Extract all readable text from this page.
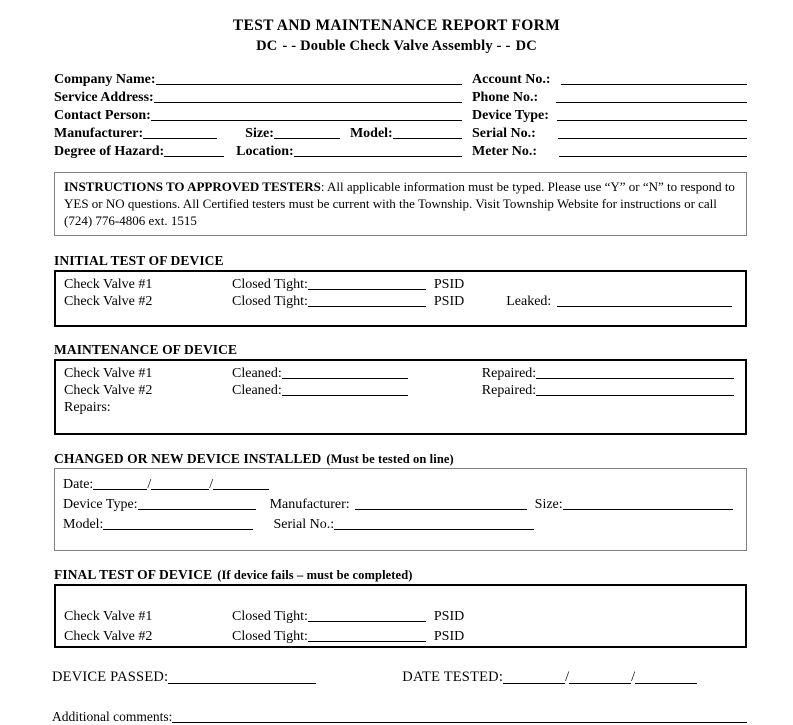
TEST AND MAINTENANCE REPORT FORM
DC - - Double Check Valve Assembly - - DC
Company Name:	Account No.:
Service Address:	Phone No.:
Contact Person:	Device Type:
Manufacturer:	Size:	Model:	Serial No.:
Degree of Hazard:	Location:	Meter No.:
INSTRUCTIONS TO APPROVED TESTERS: All applicable information must be typed. Please use “Y” or “N” to respond to YES or NO questions. All Certified testers must be current with the Township. Visit Township Website for instructions or call (724) 776-4806 ext. 1515
INITIAL TEST OF DEVICE
Check Valve #1	Closed Tight:	PSID
Check Valve #2	Closed Tight:	PSID	Leaked:
MAINTENANCE OF DEVICE
Check Valve #1	Cleaned:	Repaired:
Check Valve #2	Cleaned:	Repaired:
Repairs:
CHANGED OR NEW DEVICE INSTALLED (Must be tested on line)
Date:	/	/
Device Type:	Manufacturer:	Size:
Model:	Serial No.:
FINAL TEST OF DEVICE (If device fails – must be completed)
Check Valve #1	Closed Tight:	PSID
Check Valve #2	Closed Tight:	PSID
DEVICE PASSED:	DATE TESTED:	/	/
Additional comments:
